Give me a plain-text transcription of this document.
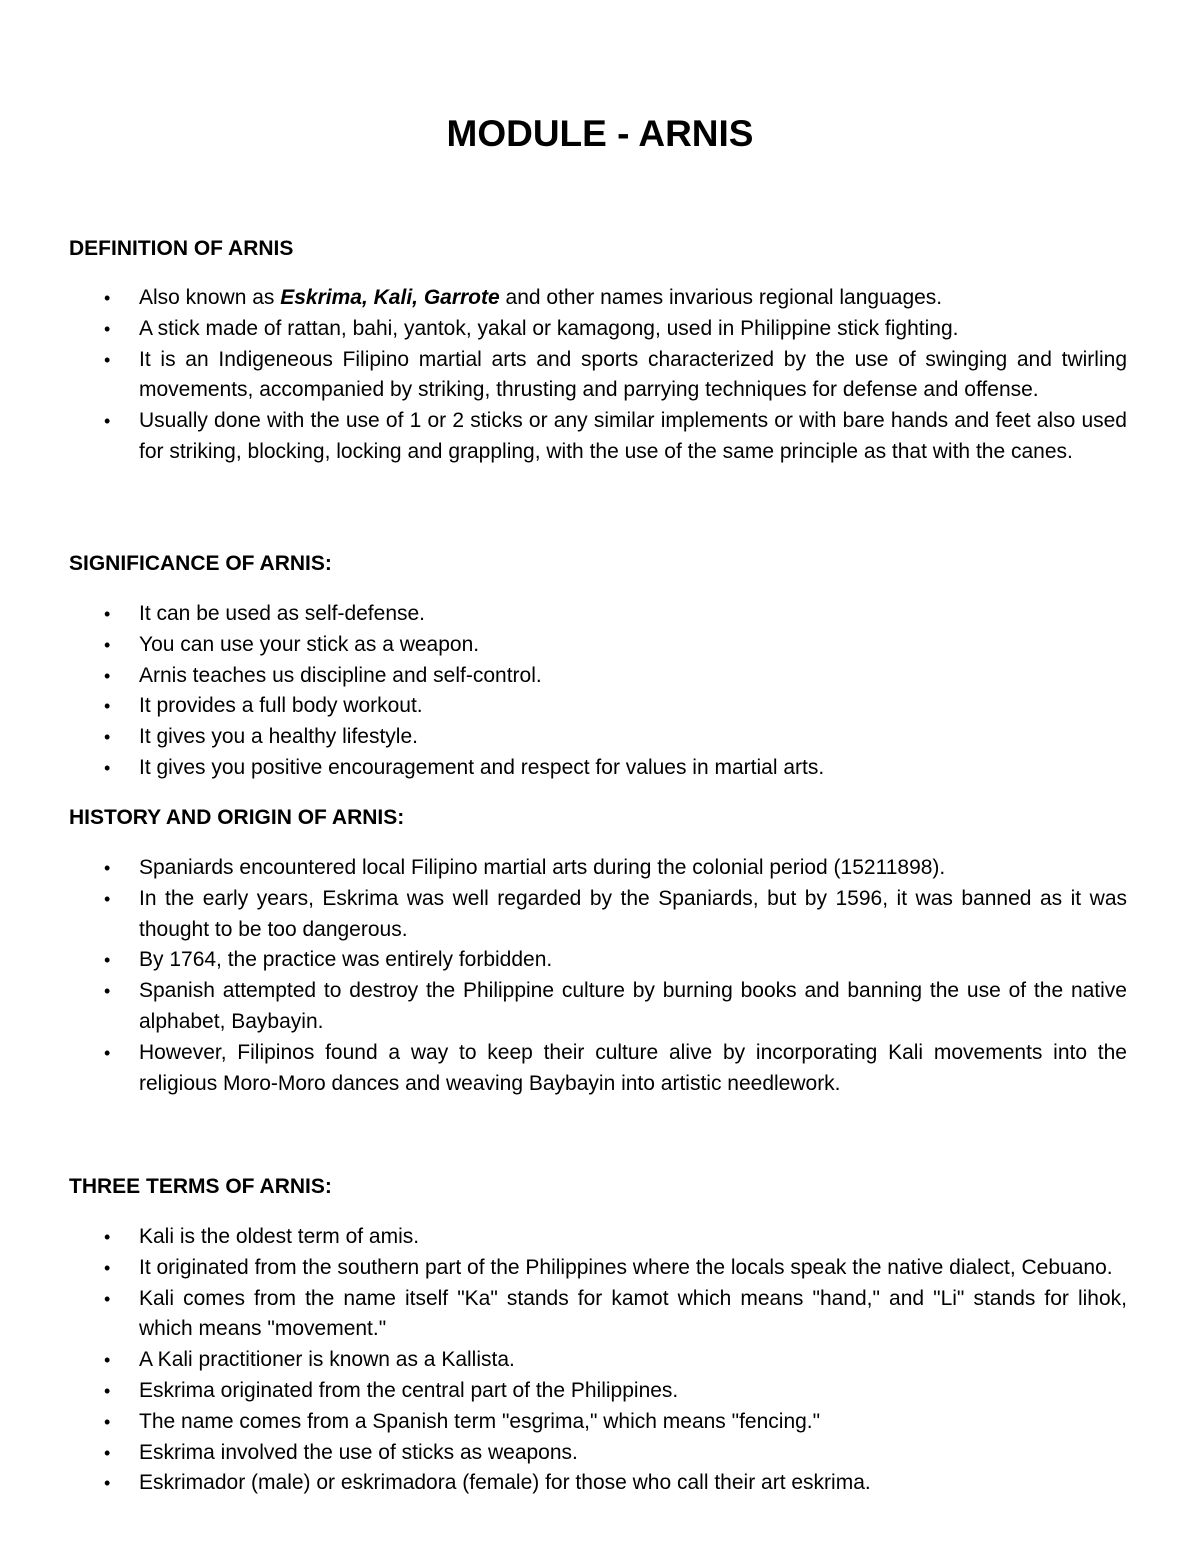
MODULE - ARNIS
DEFINITION OF ARNIS
• Also known as Eskrima, Kali, Garrote and other names invarious regional languages.
• A stick made of rattan, bahi, yantok, yakal or kamagong, used in Philippine stick fighting.
• It is an Indigeneous Filipino martial arts and sports characterized by the use of swinging and twirling movements, accompanied by striking, thrusting and parrying techniques for defense and offense.
• Usually done with the use of 1 or 2 sticks or any similar implements or with bare hands and feet also used for striking, blocking, locking and grappling, with the use of the same principle as that with the canes.
SIGNIFICANCE OF ARNIS:
• It can be used as self-defense.
• You can use your stick as a weapon.
• Arnis teaches us discipline and self-control.
• It provides a full body workout.
• It gives you a healthy lifestyle.
• It gives you positive encouragement and respect for values in martial arts.
HISTORY AND ORIGIN OF ARNIS:
• Spaniards encountered local Filipino martial arts during the colonial period (15211898).
• In the early years, Eskrima was well regarded by the Spaniards, but by 1596, it was banned as it was thought to be too dangerous.
• By 1764, the practice was entirely forbidden.
• Spanish attempted to destroy the Philippine culture by burning books and banning the use of the native alphabet, Baybayin.
• However, Filipinos found a way to keep their culture alive by incorporating Kali movements into the religious Moro-Moro dances and weaving Baybayin into artistic needlework.
THREE TERMS OF ARNIS:
• Kali is the oldest term of amis.
• It originated from the southern part of the Philippines where the locals speak the native dialect, Cebuano.
• Kali comes from the name itself "Ka" stands for kamot which means "hand," and "Li" stands for lihok, which means "movement."
• A Kali practitioner is known as a Kallista.
• Eskrima originated from the central part of the Philippines.
• The name comes from a Spanish term "esgrima," which means "fencing."
• Eskrima involved the use of sticks as weapons.
• Eskrimador (male) or eskrimadora (female) for those who call their art eskrima.
